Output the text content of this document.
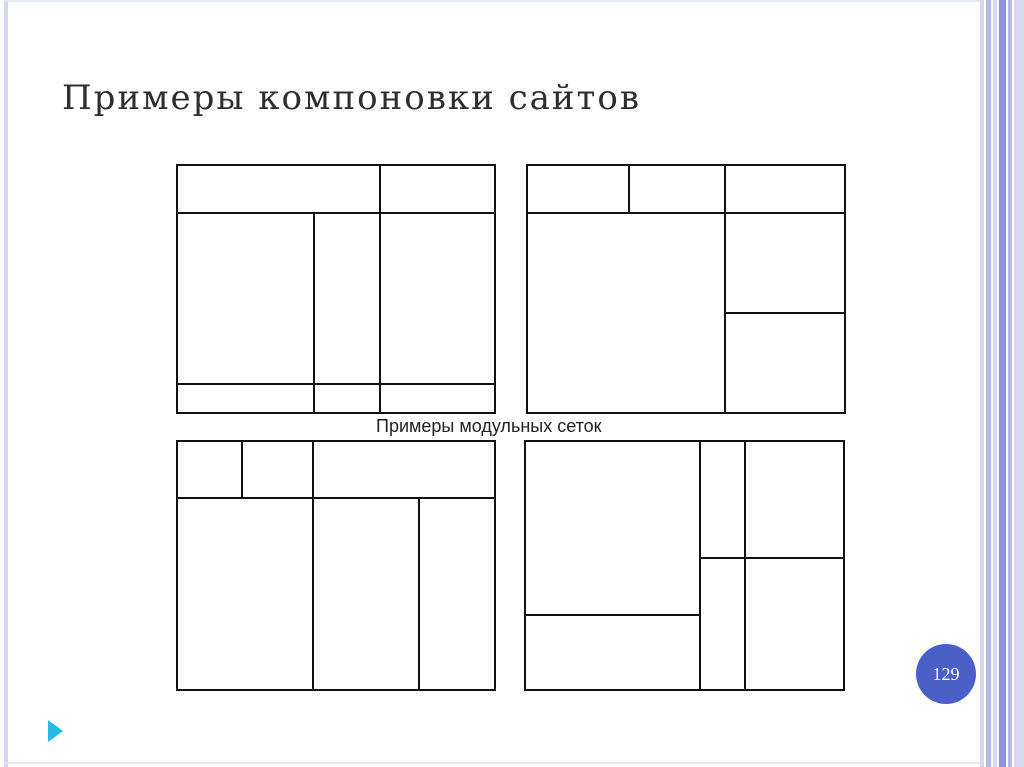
Примеры компоновки сайтов
Примеры модульных сеток
129
